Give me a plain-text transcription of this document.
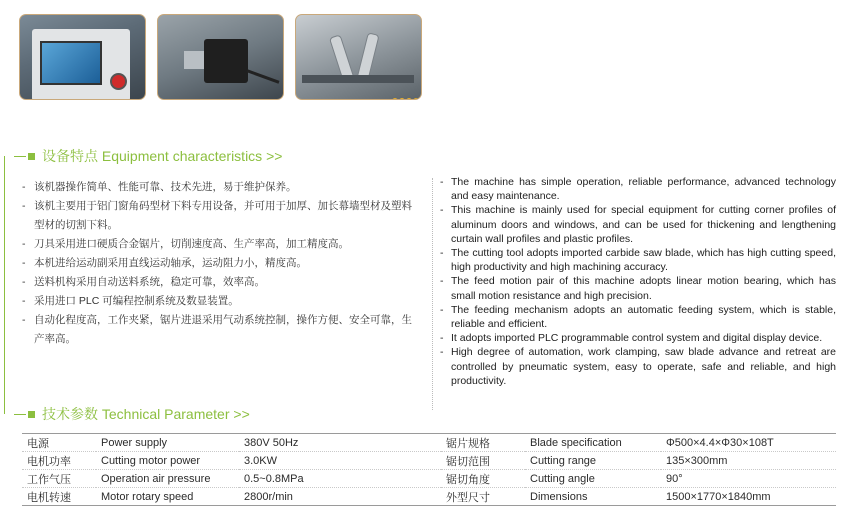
设备特点 Equipment characteristics >>
- 该机器操作简单、性能可靠、技术先进，易于维护保养。
- 该机主要用于铝门窗角码型材下料专用设备，并可用于加厚、加长幕墙型材及塑料型材的切割下料。
- 刀具采用进口硬质合金锯片，切削速度高、生产率高，加工精度高。
- 本机进给运动副采用直线运动轴承，运动阻力小，精度高。
- 送料机构采用自动送料系统，稳定可靠，效率高。
- 采用进口 PLC 可编程控制系统及数显装置。
- 自动化程度高，工作夹紧，锯片进退采用气动系统控制，操作方便、安全可靠，生产率高。
- The machine has simple operation, reliable performance, advanced technology and easy maintenance.
- This machine is mainly used for special equipment for cutting corner profiles of aluminum doors and windows, and can be used for thickening and lengthening curtain wall profiles and plastic profiles.
- The cutting tool adopts imported carbide saw blade, which has high cutting speed, high productivity and high machining accuracy.
- The feed motion pair of this machine adopts linear motion bearing, which has small motion resistance and high precision.
- The feeding mechanism adopts an automatic feeding system, which is stable, reliable and efficient.
- It adopts imported PLC programmable control system and digital display device.
- High degree of automation, work clamping, saw blade advance and retreat are controlled by pneumatic system, easy to operate, safe and reliable, and high productivity.
技术参数 Technical Parameter >>
电源	Power supply	380V 50Hz	锯片规格	Blade specification	Φ500×4.4×Φ30×108T
电机功率	Cutting motor power	3.0KW	锯切范围	Cutting range	135×300mm
工作气压	Operation air pressure	0.5~0.8MPa	锯切角度	Cutting angle	90°
电机转速	Motor rotary speed	2800r/min	外型尺寸	Dimensions	1500×1770×1840mm
